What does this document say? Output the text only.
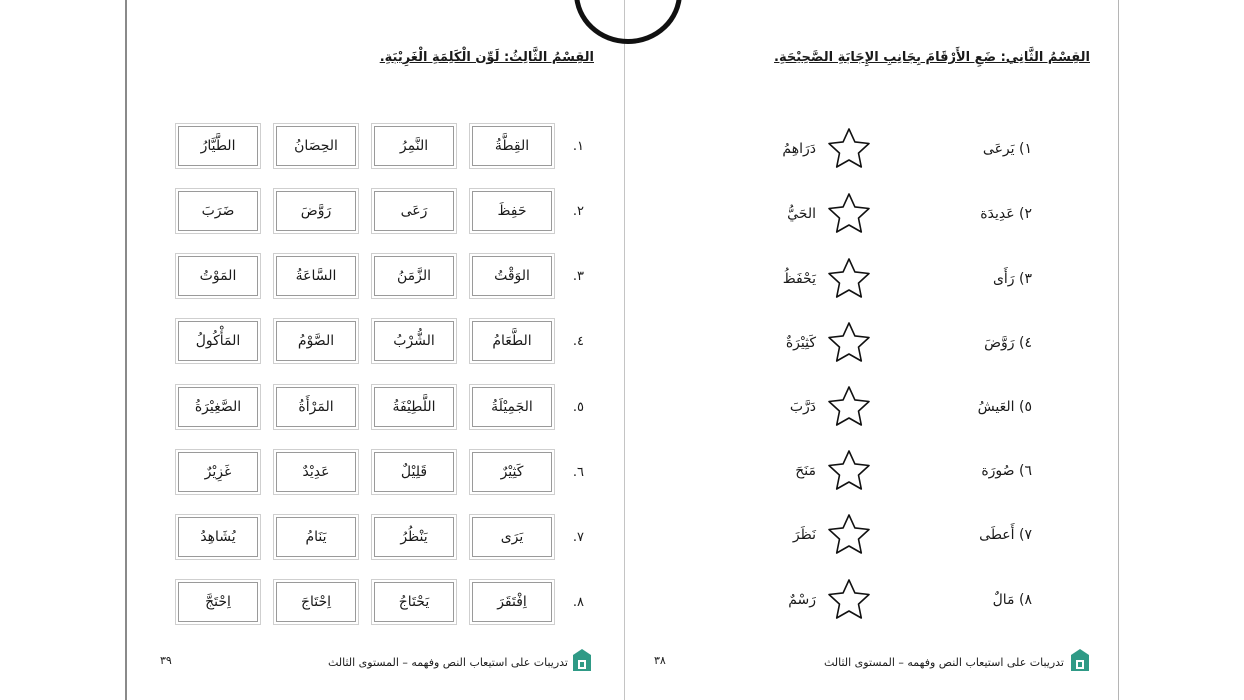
القِسْمُ الثَّالِثُ: لَوِّن الْكَلِمَةِ الْغَرِيْبَةِ.
١.
القِطَّةُ
النَّمِرُ
الحِصَانُ
الطَّيَّارُ
٢.
حَفِظَ
رَعَى
رَوَّضَ
ضَرَبَ
٣.
الوَقْتُ
الزَّمَنُ
السَّاعَةُ
المَوْتُ
٤.
الطَّعَامُ
الشُّرْبُ
الصَّوْمُ
المَأْكُولُ
٥.
الجَمِيْلَةُ
اللَّطِيْفَةُ
المَرْأَةُ
الصَّغِيْرَةُ
٦.
كَثِيْرٌ
قَلِيْلٌ
عَدِيْدٌ
غَزِيْرٌ
٧.
يَرَى
يَنْظُرُ
يَنَامُ
يُشَاهِدُ
٨.
اِفْتَقَرَ
يَحْتَاجُ
اِحْتَاجَ
اِحْتَجَّ
تدريبات على استيعاب النص وفهمه – المستوى الثالث
٣٩
القِسْمُ الثَّانِي: ضَعِ الأَرْقَامَ بِجَانِبِ الإِجَابَةِ الصَّحِيْحَةِ.
١) يَرعَى
دَرَاهِمُ
٢) عَدِيدَة
الحَيُّ
٣) رَأَى
يَحْفَظُ
٤) رَوَّضَ
كَثِيْرَةٌ
٥) العَيشُ
دَرَّبَ
٦) صُورَة
مَنَحَ
٧) أَعطَى
نَظَرَ
٨) مَالٌ
رَسْمٌ
تدريبات على استيعاب النص وفهمه – المستوى الثالث
٣٨
